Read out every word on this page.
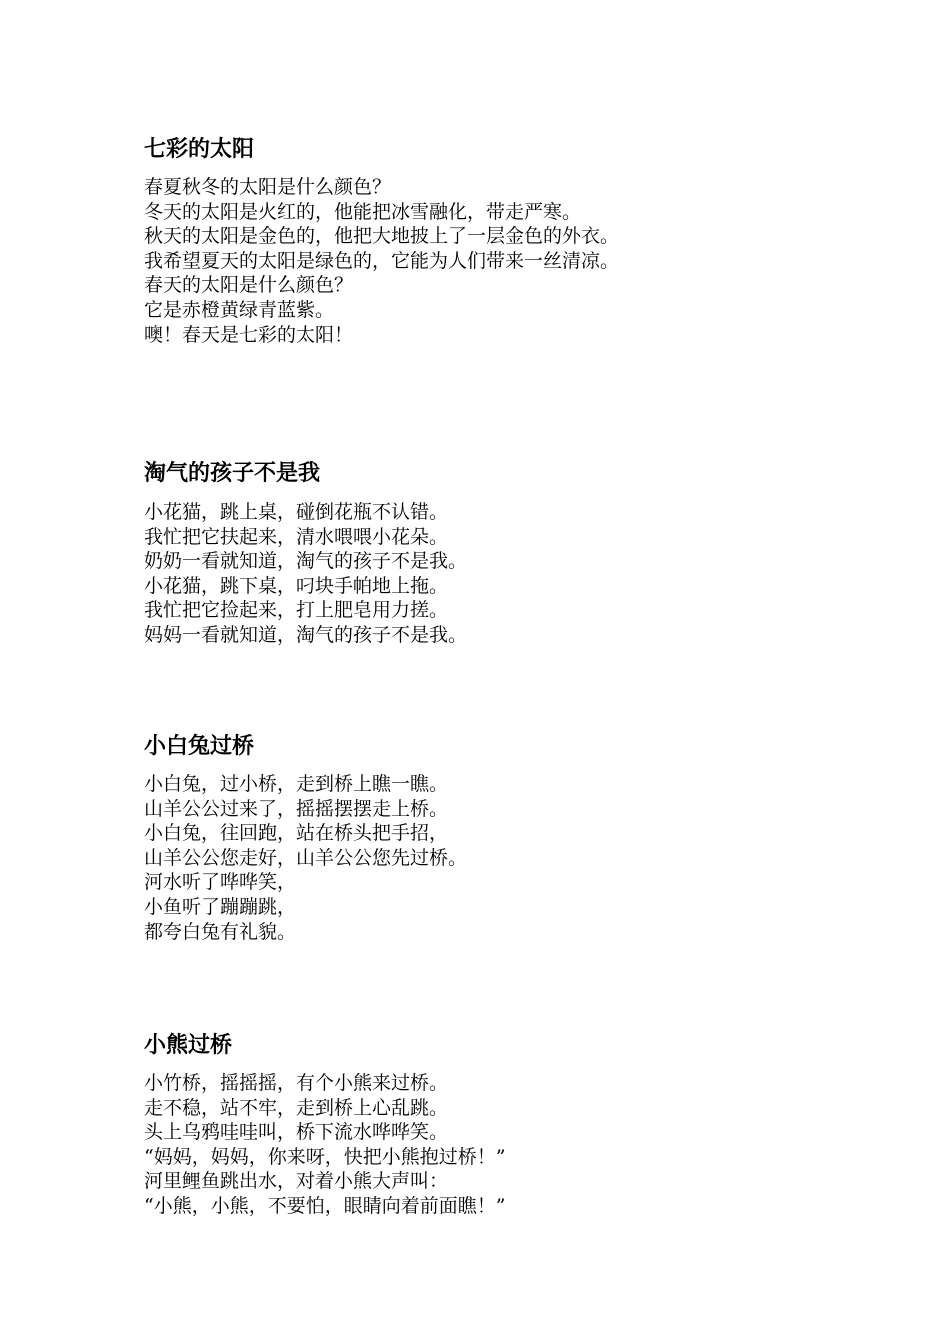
七彩的太阳
春夏秋冬的太阳是什么颜色？
冬天的太阳是火红的，他能把冰雪融化，带走严寒。
秋天的太阳是金色的，他把大地披上了一层金色的外衣。
我希望夏天的太阳是绿色的，它能为人们带来一丝清凉。
春天的太阳是什么颜色？
它是赤橙黄绿青蓝紫。
噢！春天是七彩的太阳！
淘气的孩子不是我
小花猫，跳上桌，碰倒花瓶不认错。
我忙把它扶起来，清水喂喂小花朵。
奶奶一看就知道，淘气的孩子不是我。
小花猫，跳下桌，叼块手帕地上拖。
我忙把它捡起来，打上肥皂用力搓。
妈妈一看就知道，淘气的孩子不是我。
小白兔过桥
小白兔，过小桥，走到桥上瞧一瞧。
山羊公公过来了，摇摇摆摆走上桥。
小白兔，往回跑，站在桥头把手招，
山羊公公您走好，山羊公公您先过桥。
河水听了哗哗笑，
小鱼听了蹦蹦跳，
都夸白兔有礼貌。
小熊过桥
小竹桥，摇摇摇，有个小熊来过桥。
走不稳，站不牢，走到桥上心乱跳。
头上乌鸦哇哇叫，桥下流水哗哗笑。
“妈妈，妈妈，你来呀，快把小熊抱过桥！”
河里鲤鱼跳出水，对着小熊大声叫：
“小熊，小熊，不要怕，眼睛向着前面瞧！”
